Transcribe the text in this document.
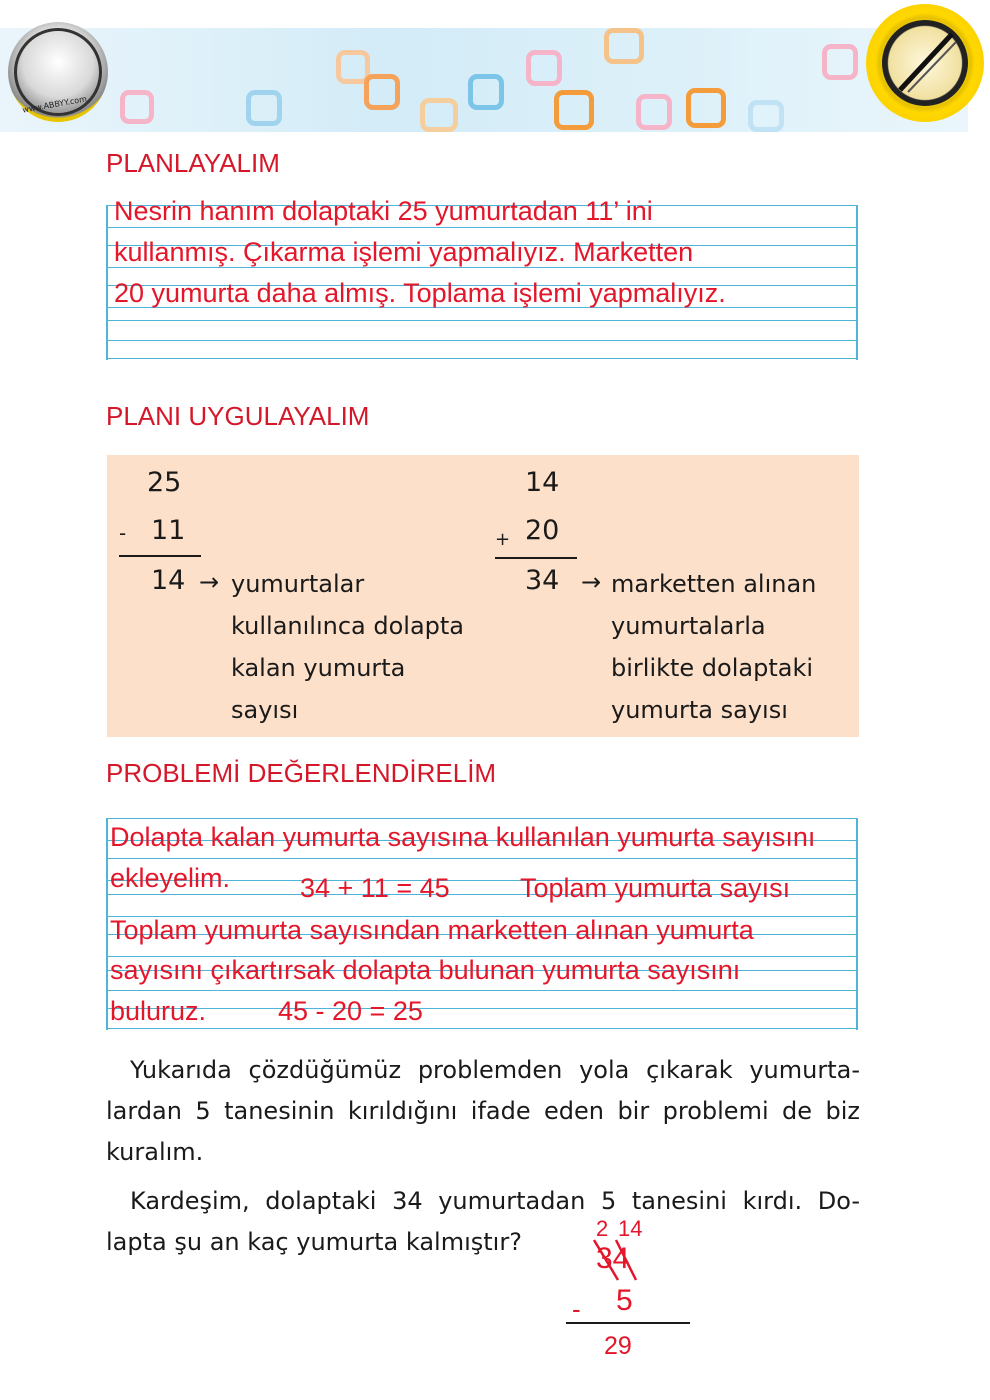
www.ABBYY.com
PLANLAYALIM
Nesrin hanım dolaptaki 25 yumurtadan 11’ ini
kullanmış. Çıkarma işlemi yapmalıyız. Marketten
20 yumurta daha almış. Toplama işlemi yapmalıyız.
PLANI UYGULAYALIM
25
- 11
14 → yumurtalar
kullanılınca dolapta
kalan yumurta
sayısı
14
+ 20
34 → marketten alınan
yumurtalarla
birlikte dolaptaki
yumurta sayısı
PROBLEMİ DEĞERLENDİRELİM
Dolapta kalan yumurta sayısına kullanılan yumurta sayısını
ekleyelim.	34 + 11 = 45	Toplam yumurta sayısı
Toplam yumurta sayısından marketten alınan yumurta
sayısını çıkartırsak dolapta bulunan yumurta sayısını
buluruz.	45 - 20 = 25
Yukarıda çözdüğümüz problemden yola çıkarak yumurta-
lardan 5 tanesinin kırıldığını ifade eden bir problemi de biz
kuralım.
Kardeşim, dolaptaki 34 yumurtadan 5 tanesini kırdı. Do-
lapta şu an kaç yumurta kalmıştır?	2 14
34
- 5
29
